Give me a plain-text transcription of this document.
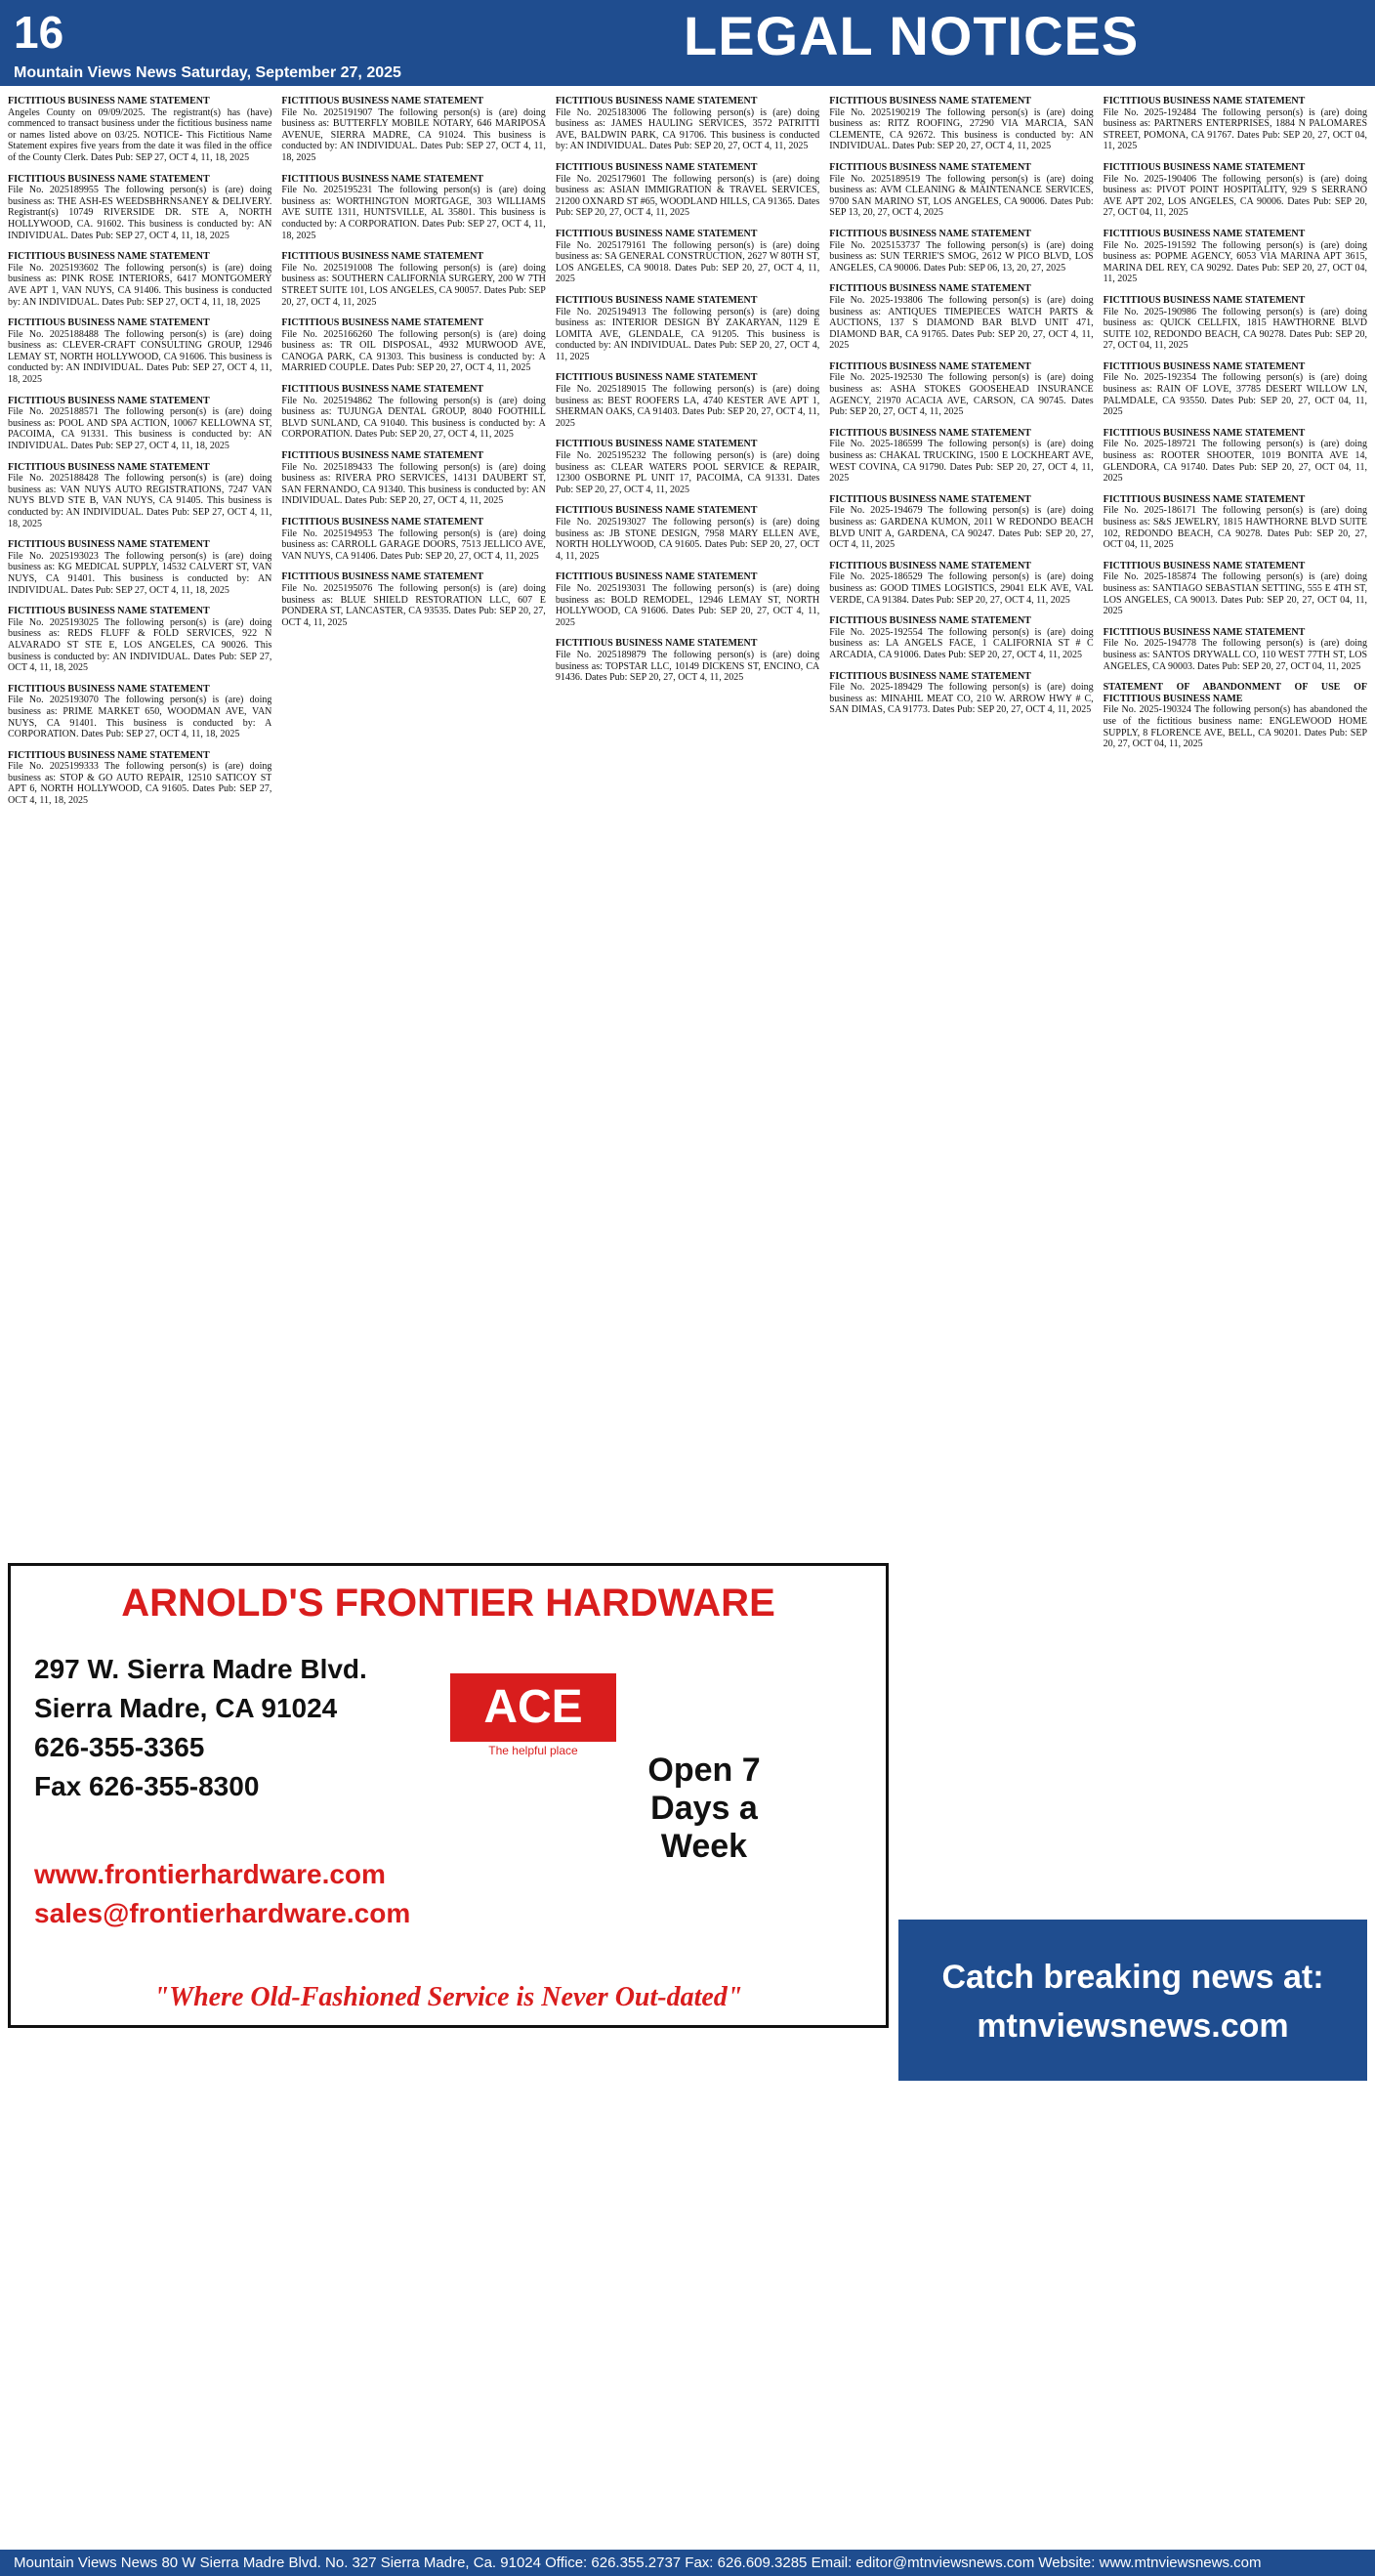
16	LEGAL NOTICES
Mountain Views News Saturday, September 27, 2025
FICTITIOUS BUSINESS NAME STATEMENT
Angeles County on 09/09/2025. The registrant(s) has (have) commenced to transact business under the fictitious business name or names listed above on 03/25. NOTICE- This Fictitious Name Statement expires five years from the date it was filed in the office of the County Clerk. Dates Pub: SEP 27, OCT 4, 11, 18, 2025
FICTITIOUS BUSINESS NAME STATEMENT
File No. 2025189955 The following person(s) is (are) doing business as: THE ASH-ES WEEDSBHRNSANEY & DELIVERY. Registrant(s) 10749 RIVERSIDE DR. STE A, NORTH HOLLYWOOD, CA. 91602. This business is conducted by: AN INDIVIDUAL. Dates Pub: SEP 27, OCT 4, 11, 18, 2025
FICTITIOUS BUSINESS NAME STATEMENT
File No. 2025193602 The following person(s) is (are) doing business as: PINK ROSE INTERIORS, 6417 MONTGOMERY AVE APT 1, VAN NUYS, CA 91406. This business is conducted by: AN INDIVIDUAL. Dates Pub: SEP 27, OCT 4, 11, 18, 2025
FICTITIOUS BUSINESS NAME STATEMENT
File No. 2025188488 The following person(s) is (are) doing business as: CLEVER-CRAFT CONSULTING GROUP, 12946 LEMAY ST, NORTH HOLLYWOOD, CA 91606. This business is conducted by: AN INDIVIDUAL. Dates Pub: SEP 27, OCT 4, 11, 18, 2025
FICTITIOUS BUSINESS NAME STATEMENT
File No. 2025188571 The following person(s) is (are) doing business as: POOL AND SPA ACTION, 10067 KELLOWNA ST, PACOIMA, CA 91331. This business is conducted by: AN INDIVIDUAL. Dates Pub: SEP 27, OCT 4, 11, 18, 2025
FICTITIOUS BUSINESS NAME STATEMENT
File No. 2025188428 The following person(s) is (are) doing business as: VAN NUYS AUTO REGISTRATIONS, 7247 VAN NUYS BLVD STE B, VAN NUYS, CA 91405. This business is conducted by: AN INDIVIDUAL. Dates Pub: SEP 27, OCT 4, 11, 18, 2025
FICTITIOUS BUSINESS NAME STATEMENT
File No. 2025193023 The following person(s) is (are) doing business as: KG MEDICAL SUPPLY, 14532 CALVERT ST, VAN NUYS, CA 91401. This business is conducted by: AN INDIVIDUAL. Dates Pub: SEP 27, OCT 4, 11, 18, 2025
FICTITIOUS BUSINESS NAME STATEMENT
File No. 2025193025 The following person(s) is (are) doing business as: REDS FLUFF & FOLD SERVICES, 922 N ALVARADO ST STE E, LOS ANGELES, CA 90026. This business is conducted by: AN INDIVIDUAL. Dates Pub: SEP 27, OCT 4, 11, 18, 2025
FICTITIOUS BUSINESS NAME STATEMENT
File No. 2025193070 The following person(s) is (are) doing business as: PRIME MARKET 650, WOODMAN AVE, VAN NUYS, CA 91401. This business is conducted by: A CORPORATION. Dates Pub: SEP 27, OCT 4, 11, 18, 2025
FICTITIOUS BUSINESS NAME STATEMENT
File No. 2025199333 The following person(s) is (are) doing business as: STOP & GO AUTO REPAIR, 12510 SATICOY ST APT 6, NORTH HOLLYWOOD, CA 91605. Dates Pub: SEP 27, OCT 4, 11, 18, 2025
FICTITIOUS BUSINESS NAME STATEMENT
File No. 2025191907 The following person(s) is (are) doing business as: BUTTERFLY MOBILE NOTARY, 646 MARIPOSA AVENUE, SIERRA MADRE, CA 91024. This business is conducted by: AN INDIVIDUAL. Dates Pub: SEP 27, OCT 4, 11, 18, 2025
FICTITIOUS BUSINESS NAME STATEMENT
File No. 2025195231 The following person(s) is (are) doing business as: WORTHINGTON MORTGAGE, 303 WILLIAMS AVE SUITE 1311, HUNTSVILLE, AL 35801. This business is conducted by: A CORPORATION. Dates Pub: SEP 27, OCT 4, 11, 18, 2025
FICTITIOUS BUSINESS NAME STATEMENT
File No. 2025191008 The following person(s) is (are) doing business as: SOUTHERN CALIFORNIA SURGERY, 200 W 7TH STREET SUITE 101, LOS ANGELES, CA 90057. Dates Pub: SEP 20, 27, OCT 4, 11, 2025
FICTITIOUS BUSINESS NAME STATEMENT
File No. 2025166260 The following person(s) is (are) doing business as: TR OIL DISPOSAL, 4932 MURWOOD AVE, CANOGA PARK, CA 91303. This business is conducted by: A MARRIED COUPLE. Dates Pub: SEP 20, 27, OCT 4, 11, 2025
FICTITIOUS BUSINESS NAME STATEMENT
File No. 2025194862 The following person(s) is (are) doing business as: TUJUNGA DENTAL GROUP, 8040 FOOTHILL BLVD SUNLAND, CA 91040. This business is conducted by: A CORPORATION. Dates Pub: SEP 20, 27, OCT 4, 11, 2025
FICTITIOUS BUSINESS NAME STATEMENT
File No. 2025189433 The following person(s) is (are) doing business as: RIVERA PRO SERVICES, 14131 DAUBERT ST, SAN FERNANDO, CA 91340. This business is conducted by: AN INDIVIDUAL. Dates Pub: SEP 20, 27, OCT 4, 11, 2025
FICTITIOUS BUSINESS NAME STATEMENT
File No. 2025194953 The following person(s) is (are) doing business as: CARROLL GARAGE DOORS, 7513 JELLICO AVE, VAN NUYS, CA 91406. Dates Pub: SEP 20, 27, OCT 4, 11, 2025
FICTITIOUS BUSINESS NAME STATEMENT
File No. 2025195076 The following person(s) is (are) doing business as: BLUE SHIELD RESTORATION LLC, 607 E PONDERA ST, LANCASTER, CA 93535. Dates Pub: SEP 20, 27, OCT 4, 11, 2025
FICTITIOUS BUSINESS NAME STATEMENT
File No. 2025183006 The following person(s) is (are) doing business as: JAMES HAULING SERVICES, 3572 PATRITTI AVE, BALDWIN PARK, CA 91706. This business is conducted by: AN INDIVIDUAL. Dates Pub: SEP 20, 27, OCT 4, 11, 2025
FICTITIOUS BUSINESS NAME STATEMENT
File No. 2025179601 The following person(s) is (are) doing business as: ASIAN IMMIGRATION & TRAVEL SERVICES, 21200 OXNARD ST #65, WOODLAND HILLS, CA 91365. Dates Pub: SEP 20, 27, OCT 4, 11, 2025
FICTITIOUS BUSINESS NAME STATEMENT
File No. 2025179161 The following person(s) is (are) doing business as: SA GENERAL CONSTRUCTION, 2627 W 80TH ST, LOS ANGELES, CA 90018. Dates Pub: SEP 20, 27, OCT 4, 11, 2025
FICTITIOUS BUSINESS NAME STATEMENT
File No. 2025194913 The following person(s) is (are) doing business as: INTERIOR DESIGN BY ZAKARYAN, 1129 E LOMITA AVE, GLENDALE, CA 91205. This business is conducted by: AN INDIVIDUAL. Dates Pub: SEP 20, 27, OCT 4, 11, 2025
FICTITIOUS BUSINESS NAME STATEMENT
File No. 2025189015 The following person(s) is (are) doing business as: BEST ROOFERS LA, 4740 KESTER AVE APT 1, SHERMAN OAKS, CA 91403. Dates Pub: SEP 20, 27, OCT 4, 11, 2025
FICTITIOUS BUSINESS NAME STATEMENT
File No. 2025195232 The following person(s) is (are) doing business as: CLEAR WATERS POOL SERVICE & REPAIR, 12300 OSBORNE PL UNIT 17, PACOIMA, CA 91331. Dates Pub: SEP 20, 27, OCT 4, 11, 2025
FICTITIOUS BUSINESS NAME STATEMENT
File No. 2025193027 The following person(s) is (are) doing business as: JB STONE DESIGN, 7958 MARY ELLEN AVE, NORTH HOLLYWOOD, CA 91605. Dates Pub: SEP 20, 27, OCT 4, 11, 2025
FICTITIOUS BUSINESS NAME STATEMENT
File No. 2025193031 The following person(s) is (are) doing business as: BOLD REMODEL, 12946 LEMAY ST, NORTH HOLLYWOOD, CA 91606. Dates Pub: SEP 20, 27, OCT 4, 11, 2025
FICTITIOUS BUSINESS NAME STATEMENT
File No. 2025189879 The following person(s) is (are) doing business as: TOPSTAR LLC, 10149 DICKENS ST, ENCINO, CA 91436. Dates Pub: SEP 20, 27, OCT 4, 11, 2025
FICTITIOUS BUSINESS NAME STATEMENT
File No. 2025190219 The following person(s) is (are) doing business as: RITZ ROOFING, 27290 VIA MARCIA, SAN CLEMENTE, CA 92672. This business is conducted by: AN INDIVIDUAL. Dates Pub: SEP 20, 27, OCT 4, 11, 2025
FICTITIOUS BUSINESS NAME STATEMENT
File No. 2025189519 The following person(s) is (are) doing business as: AVM CLEANING & MAINTENANCE SERVICES, 9700 SAN MARINO ST, LOS ANGELES, CA 90006. Dates Pub: SEP 13, 20, 27, OCT 4, 2025
FICTITIOUS BUSINESS NAME STATEMENT
File No. 2025153737 The following person(s) is (are) doing business as: SUN TERRIE'S SMOG, 2612 W PICO BLVD, LOS ANGELES, CA 90006. Dates Pub: SEP 06, 13, 20, 27, 2025
FICTITIOUS BUSINESS NAME STATEMENT
File No. 2025-193806 The following person(s) is (are) doing business as: ANTIQUES TIMEPIECES WATCH PARTS & AUCTIONS, 137 S DIAMOND BAR BLVD UNIT 471, DIAMOND BAR, CA 91765. Dates Pub: SEP 20, 27, OCT 4, 11, 2025
FICTITIOUS BUSINESS NAME STATEMENT
File No. 2025-192530 The following person(s) is (are) doing business as: ASHA STOKES GOOSEHEAD INSURANCE AGENCY, 21970 ACACIA AVE, CARSON, CA 90745. Dates Pub: SEP 20, 27, OCT 4, 11, 2025
FICTITIOUS BUSINESS NAME STATEMENT
File No. 2025-186599 The following person(s) is (are) doing business as: CHAKAL TRUCKING, 1500 E LOCKHEART AVE, WEST COVINA, CA 91790. Dates Pub: SEP 20, 27, OCT 4, 11, 2025
FICTITIOUS BUSINESS NAME STATEMENT
File No. 2025-194679 The following person(s) is (are) doing business as: GARDENA KUMON, 2011 W REDONDO BEACH BLVD UNIT A, GARDENA, CA 90247. Dates Pub: SEP 20, 27, OCT 4, 11, 2025
FICTITIOUS BUSINESS NAME STATEMENT
File No. 2025-186529 The following person(s) is (are) doing business as: GOOD TIMES LOGISTICS, 29041 ELK AVE, VAL VERDE, CA 91384. Dates Pub: SEP 20, 27, OCT 4, 11, 2025
FICTITIOUS BUSINESS NAME STATEMENT
File No. 2025-192554 The following person(s) is (are) doing business as: LA ANGELS FACE, 1 CALIFORNIA ST # C ARCADIA, CA 91006. Dates Pub: SEP 20, 27, OCT 4, 11, 2025
FICTITIOUS BUSINESS NAME STATEMENT
File No. 2025-189429 The following person(s) is (are) doing business as: MINAHIL MEAT CO, 210 W. ARROW HWY # C, SAN DIMAS, CA 91773. Dates Pub: SEP 20, 27, OCT 4, 11, 2025
FICTITIOUS BUSINESS NAME STATEMENT
File No. 2025-192484 The following person(s) is (are) doing business as: PARTNERS ENTERPRISES, 1884 N PALOMARES STREET, POMONA, CA 91767. Dates Pub: SEP 20, 27, OCT 04, 11, 2025
FICTITIOUS BUSINESS NAME STATEMENT
File No. 2025-190406 The following person(s) is (are) doing business as: PIVOT POINT HOSPITALITY, 929 S SERRANO AVE APT 202, LOS ANGELES, CA 90006. Dates Pub: SEP 20, 27, OCT 04, 11, 2025
FICTITIOUS BUSINESS NAME STATEMENT
File No. 2025-191592 The following person(s) is (are) doing business as: POPME AGENCY, 6053 VIA MARINA APT 3615, MARINA DEL REY, CA 90292. Dates Pub: SEP 20, 27, OCT 04, 11, 2025
FICTITIOUS BUSINESS NAME STATEMENT
File No. 2025-190986 The following person(s) is (are) doing business as: QUICK CELLFIX, 1815 HAWTHORNE BLVD SUITE 102, REDONDO BEACH, CA 90278. Dates Pub: SEP 20, 27, OCT 04, 11, 2025
FICTITIOUS BUSINESS NAME STATEMENT
File No. 2025-192354 The following person(s) is (are) doing business as: RAIN OF LOVE, 37785 DESERT WILLOW LN, PALMDALE, CA 93550. Dates Pub: SEP 20, 27, OCT 04, 11, 2025
FICTITIOUS BUSINESS NAME STATEMENT
File No. 2025-189721 The following person(s) is (are) doing business as: ROOTER SHOOTER, 1019 BONITA AVE 14, GLENDORA, CA 91740. Dates Pub: SEP 20, 27, OCT 04, 11, 2025
FICTITIOUS BUSINESS NAME STATEMENT
File No. 2025-186171 The following person(s) is (are) doing business as: S&S JEWELRY, 1815 HAWTHORNE BLVD SUITE 102, REDONDO BEACH, CA 90278. Dates Pub: SEP 20, 27, OCT 04, 11, 2025
FICTITIOUS BUSINESS NAME STATEMENT
File No. 2025-185874 The following person(s) is (are) doing business as: SANTIAGO SEBASTIAN SETTING, 555 E 4TH ST, LOS ANGELES, CA 90013. Dates Pub: SEP 20, 27, OCT 04, 11, 2025
FICTITIOUS BUSINESS NAME STATEMENT
File No. 2025-194778 The following person(s) is (are) doing business as: SANTOS DRYWALL CO, 110 WEST 77TH ST, LOS ANGELES, CA 90003. Dates Pub: SEP 20, 27, OCT 04, 11, 2025
STATEMENT OF ABANDONMENT OF USE OF FICTITIOUS BUSINESS NAME
File No. 2025-190324 The following person(s) has abandoned the use of the fictitious business name: ENGLEWOOD HOME SUPPLY, 8 FLORENCE AVE, BELL, CA 90201. Dates Pub: SEP 20, 27, OCT 04, 11, 2025
ARNOLD'S FRONTIER HARDWARE
297 W. Sierra Madre Blvd.
Sierra Madre, CA 91024
626-355-3365
Fax 626-355-8300
ACE
The helpful place
Open 7 Days a Week
www.frontierhardware.com
sales@frontierhardware.com
"Where Old-Fashioned Service is Never Out-dated"
Catch breaking news at:
mtnviewsnews.com
Mountain Views News 80 W Sierra Madre Blvd. No. 327 Sierra Madre, Ca. 91024 Office: 626.355.2737 Fax: 626.609.3285 Email: editor@mtnviewsnews.com Website: www.mtnviewsnews.com
